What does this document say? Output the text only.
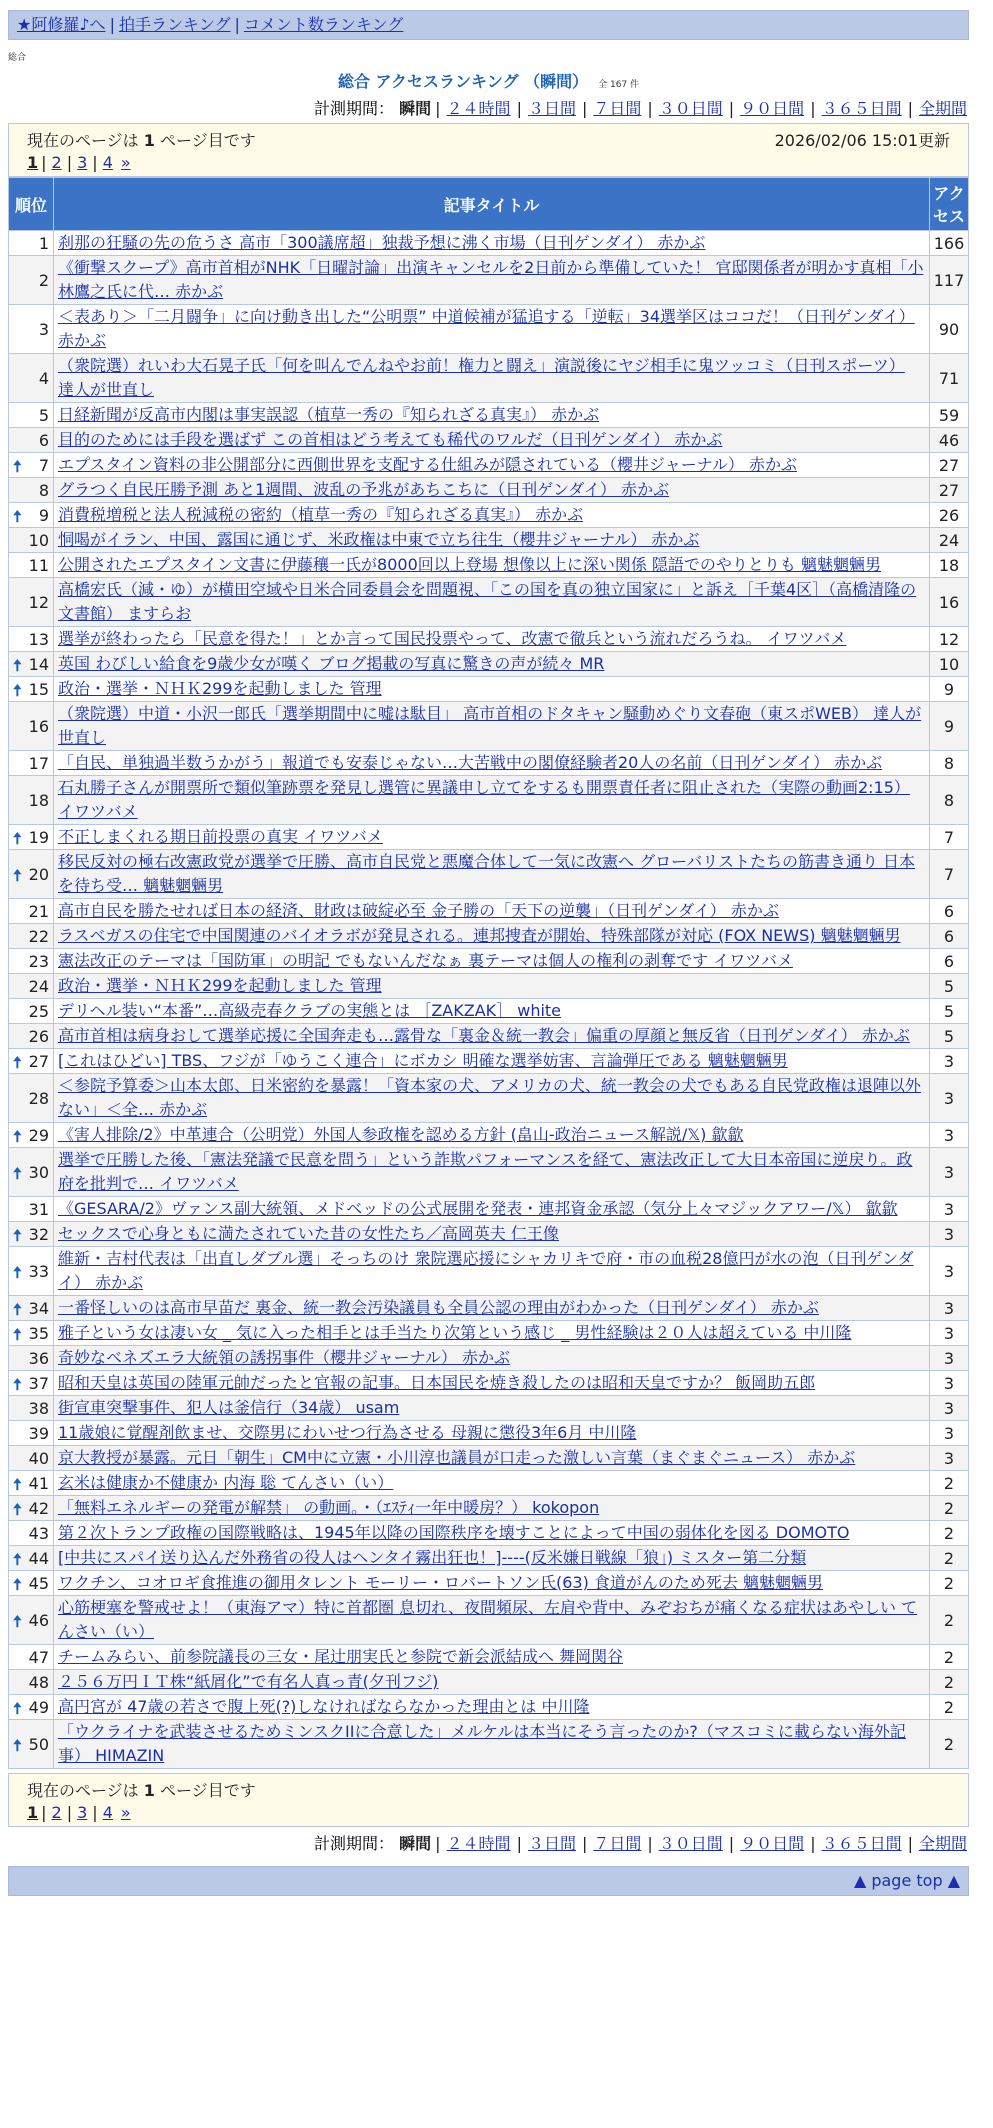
★阿修羅♪へ | 拍手ランキング | コメント数ランキング
総合
総合 アクセスランキング （瞬間） 全 167 件
計測期間： 瞬間 | ２４時間 | ３日間 | ７日間 | ３０日間 | ９０日間 | ３６５日間 | 全期間
現在のページは 1 ページ目です	2026/02/06 15:01更新
1 | 2 | 3 | 4 »
順位	記事タイトル	アクセス
1	刹那の狂騒の先の危うさ 高市「300議席超」独裁予想に沸く市場（日刊ゲンダイ） 赤かぶ	166
2	《衝撃スクープ》高市首相がNHK「日曜討論」出演キャンセルを2日前から準備していた！ 官邸関係者が明かす真相「小林鷹之氏に代… 赤かぶ	117
3	＜表あり＞「二月闘争」に向け動き出した“公明票” 中道候補が猛追する「逆転」34選挙区はココだ！（日刊ゲンダイ） 赤かぶ	90
4	（衆院選）れいわ大石晃子氏「何を叫んでんねやお前！権力と闘え」演説後にヤジ相手に鬼ツッコミ（日刊スポーツ） 達人が世直し	71
5	日経新聞が反高市内閣は事実誤認（植草一秀の『知られざる真実』） 赤かぶ	59
6	目的のためには手段を選ばず この首相はどう考えても稀代のワルだ（日刊ゲンダイ） 赤かぶ	46

🠅 7	エプスタイン資料の非公開部分に西側世界を支配する仕組みが隠されている（櫻井ジャーナル） 赤かぶ	27
8	グラつく自民圧勝予測 あと1週間、波乱の予兆があちこちに（日刊ゲンダイ） 赤かぶ	27

🠅 9	消費税増税と法人税減税の密約（植草一秀の『知られざる真実』） 赤かぶ	26
10	恫喝がイラン、中国、露国に通じず、米政権は中東で立ち往生（櫻井ジャーナル） 赤かぶ	24
11	公開されたエプスタイン文書に伊藤穰一氏が8000回以上登場 想像以上に深い関係 隠語でのやりとりも 魑魅魍魎男	18
12	高橋宏氏（減・ゆ）が横田空域や日米合同委員会を問題視、「この国を真の独立国家に」と訴え［千葉4区］（高橋清隆の文書館） ますらお	16
13	選挙が終わったら「民意を得た！」とか言って国民投票やって、改憲で徹兵という流れだろうね。 イワツバメ	12

🠅 14	英国 わびしい給食を9歳少女が嘆く ブログ掲載の写真に驚きの声が続々 MR	10

🠅 15	政治・選挙・ＮＨＫ299を起動しました 管理	9
16	（衆院選）中道・小沢一郎氏「選挙期間中に嘘は駄目」 高市首相のドタキャン騒動めぐり文春砲（東スポWEB） 達人が世直し	9
17	「自民、単独過半数うかがう」報道でも安泰じゃない…大苦戦中の閣僚経験者20人の名前（日刊ゲンダイ） 赤かぶ	8
18	石丸勝子さんが開票所で類似筆跡票を発見し選管に異議申し立てをするも開票責任者に阻止された（実際の動画2:15） イワツバメ	8

🠅 19	不正しまくれる期日前投票の真実 イワツバメ	7

🠅 20	移民反対の極右改憲政党が選挙で圧勝、高市自民党と悪魔合体して一気に改憲へ グローバリストたちの筋書き通り 日本を待ち受… 魑魅魍魎男	7
21	高市自民を勝たせれば日本の経済、財政は破綻必至 金子勝の「天下の逆襲」（日刊ゲンダイ） 赤かぶ	6
22	ラスベガスの住宅で中国関連のバイオラボが発見される。連邦捜査が開始、特殊部隊が対応 (FOX NEWS) 魑魅魍魎男	6
23	憲法改正のテーマは「国防軍」の明記 でもないんだなぁ 裏テーマは個人の権利の剥奪です イワツバメ	6
24	政治・選挙・ＮＨＫ299を起動しました 管理	5
25	デリヘル装い“本番”…高級売春クラブの実態とは ［ZAKZAK］ white	5
26	高市首相は病身おして選挙応援に全国奔走も…露骨な「裏金＆統一教会」偏重の厚顔と無反省（日刊ゲンダイ） 赤かぶ	5

🠅 27	[これはひどい] TBS、フジが「ゆうこく連合」にボカシ 明確な選挙妨害、言論弾圧である 魑魅魍魎男	3
28	＜参院予算委＞山本太郎、日米密約を暴露！「資本家の犬、アメリカの犬、統一教会の犬でもある自民党政権は退陣以外ない」＜全… 赤かぶ	3

🠅 29	《害人排除/2》中革連合（公明党）外国人参政権を認める方針 (畠山-政治ニュース解説/𝕏) 歙歙	3

🠅 30	選挙で圧勝した後、「憲法発議で民意を問う」という詐欺パフォーマンスを経て、憲法改正して大日本帝国に逆戻り。政府を批判で… イワツバメ	3
31	《GESARA/2》ヴァンス副大統領、メドベッドの公式展開を発表・連邦資金承認（気分上々マジックアワー/𝕏） 歙歙	3

🠅 32	セックスで心身ともに満たされていた昔の女性たち／高岡英夫 仁王像	3

🠅 33	維新・吉村代表は「出直しダブル選」そっちのけ 衆院選応援にシャカリキで府・市の血税28億円が水の泡（日刊ゲンダイ） 赤かぶ	3

🠅 34	一番怪しいのは高市早苗だ 裏金、統一教会汚染議員も全員公認の理由がわかった（日刊ゲンダイ） 赤かぶ	3

🠅 35	雅子という女は凄い女 _ 気に入った相手とは手当たり次第という感じ _ 男性経験は２０人は超えている 中川隆	3
36	奇妙なベネズエラ大統領の誘拐事件（櫻井ジャーナル） 赤かぶ	3

🠅 37	昭和天皇は英国の陸軍元帥だったと官報の記事。日本国民を焼き殺したのは昭和天皇ですか？ 飯岡助五郎	3
38	街宣車突撃事件、犯人は釜信行（34歳） usam	3
39	11歳娘に覚醒剤飲ませ、交際男にわいせつ行為させる 母親に懲役3年6月 中川隆	3
40	京大教授が暴露。元日「朝生」CM中に立憲・小川淳也議員が口走った激しい言葉（まぐまぐニュース） 赤かぶ	3

🠅 41	玄米は健康か不健康か 内海 聡 てんさい（い）	2

🠅 42	「無料エネルギーの発電が解禁」 の動画。・（ｴｽﾃｨ一年中暖房？） kokopon	2
43	第２次トランプ政権の国際戦略は、1945年以降の国際秩序を壊すことによって中国の弱体化を図る DOMOTO	2

🠅 44	[中共にスパイ送り込んだ外務省の役人はヘンタイ霧出狂也！]----(反米嫌日戦線「狼」) ミスター第二分類	2

🠅 45	ワクチン、コオロギ食推進の御用タレント モーリー・ロバートソン氏(63) 食道がんのため死去 魑魅魍魎男	2

🠅 46	心筋梗塞を警戒せよ！（東海アマ）特に首都圏 息切れ、夜間頻尿、左肩や背中、みぞおちが痛くなる症状はあやしい てんさい（い）	2
47	チームみらい、前参院議長の三女・尾辻朋実氏と参院で新会派結成へ 舞岡関谷	2
48	２５６万円ＩＴ株“紙屑化”で有名人真っ青(夕刊フジ)	2

🠅 49	高円宮が 47歳の若さで腹上死(?)しなければならなかった理由とは 中川隆	2

🠅 50	「ウクライナを武装させるためミンスクIIに合意した」メルケルは本当にそう言ったのか?（マスコミに載らない海外記事） HIMAZIN	2
現在のページは 1 ページ目です
1 | 2 | 3 | 4 »
計測期間： 瞬間 | ２４時間 | ３日間 | ７日間 | ３０日間 | ９０日間 | ３６５日間 | 全期間
▲ page top ▲
